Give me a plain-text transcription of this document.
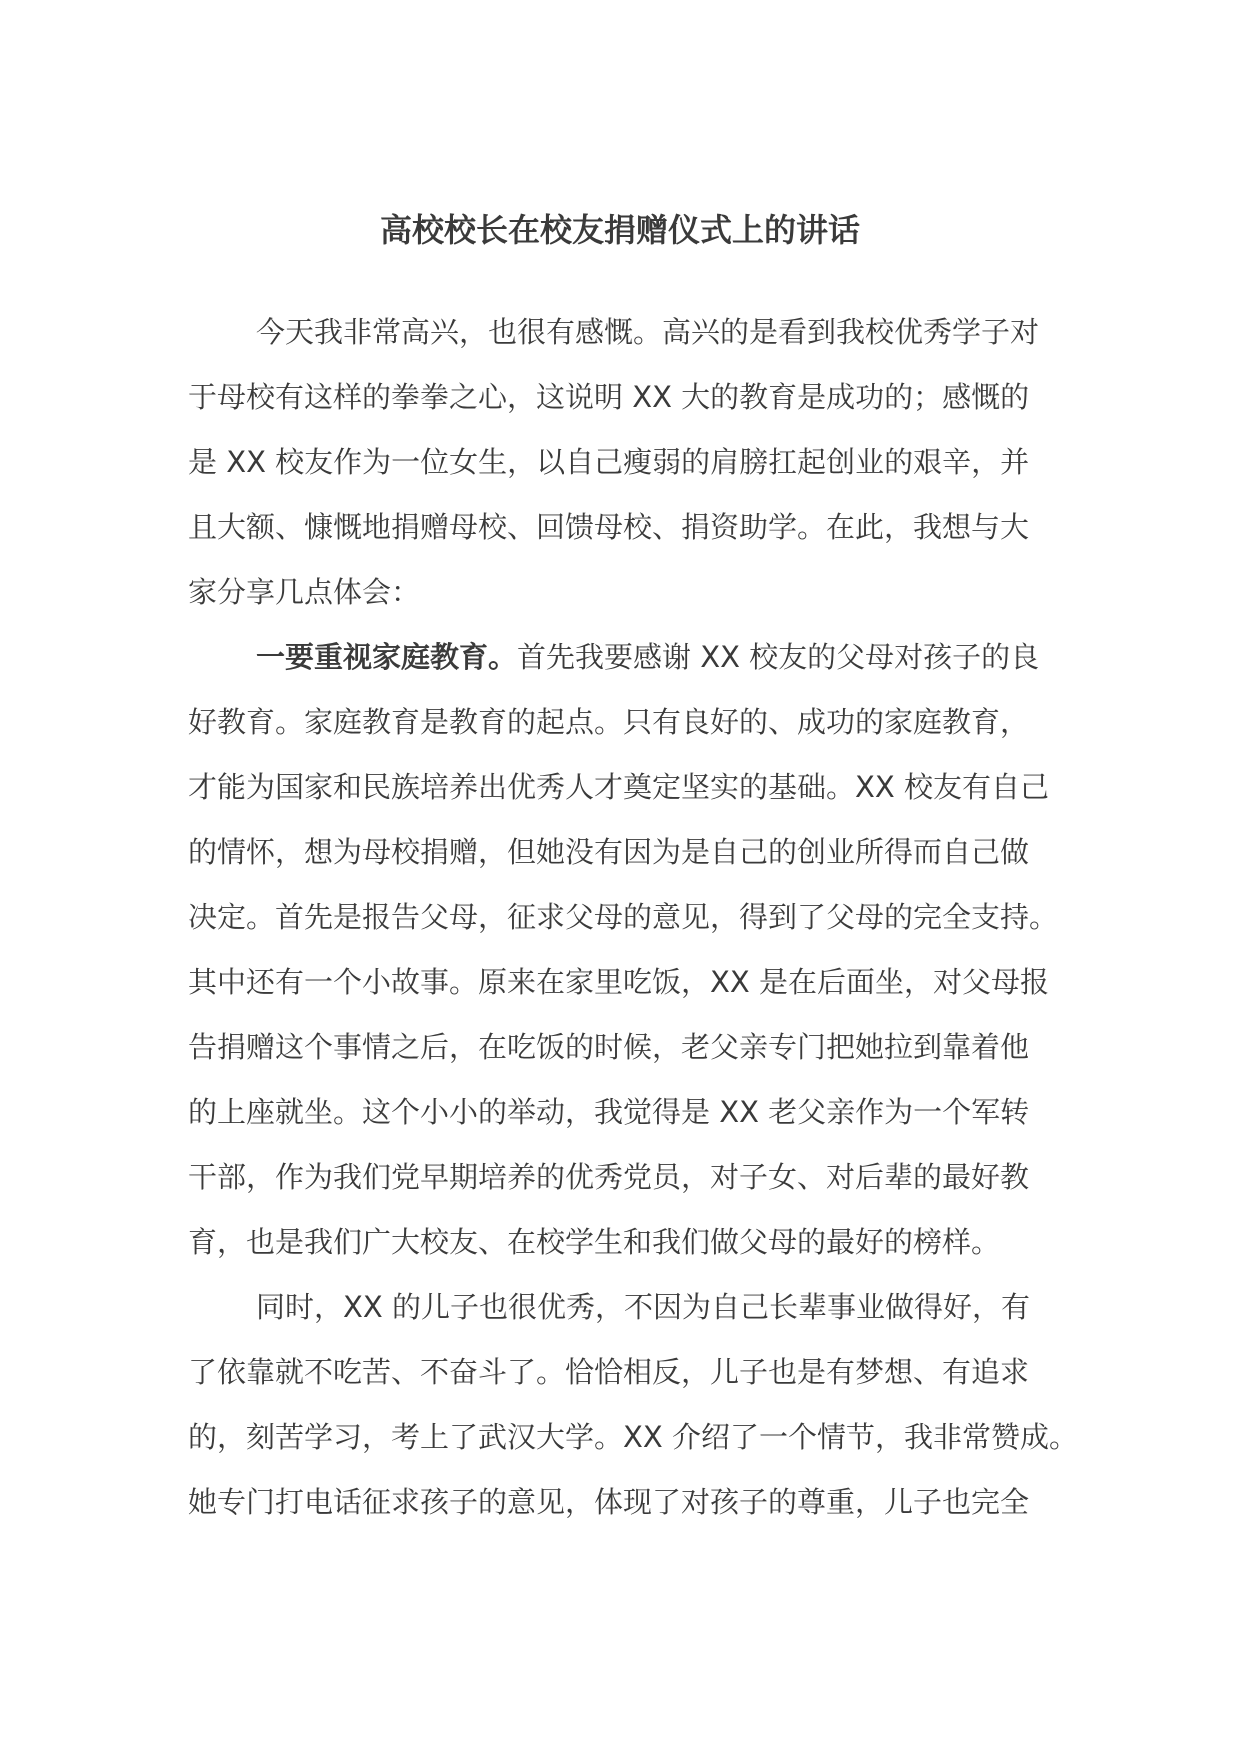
高校校长在校友捐赠仪式上的讲话
今天我非常高兴，也很有感慨。高兴的是看到我校优秀学子对
于母校有这样的拳拳之心，这说明 XX 大的教育是成功的；感慨的
是 XX 校友作为一位女生，以自己瘦弱的肩膀扛起创业的艰辛，并
且大额、慷慨地捐赠母校、回馈母校、捐资助学。在此，我想与大
家分享几点体会：
一要重视家庭教育。首先我要感谢 XX 校友的父母对孩子的良
好教育。家庭教育是教育的起点。只有良好的、成功的家庭教育，
才能为国家和民族培养出优秀人才奠定坚实的基础。XX 校友有自己
的情怀，想为母校捐赠，但她没有因为是自己的创业所得而自己做
决定。首先是报告父母，征求父母的意见，得到了父母的完全支持。
其中还有一个小故事。原来在家里吃饭，XX 是在后面坐，对父母报
告捐赠这个事情之后，在吃饭的时候，老父亲专门把她拉到靠着他
的上座就坐。这个小小的举动，我觉得是 XX 老父亲作为一个军转
干部，作为我们党早期培养的优秀党员，对子女、对后辈的最好教
育，也是我们广大校友、在校学生和我们做父母的最好的榜样。
同时，XX 的儿子也很优秀，不因为自己长辈事业做得好，有
了依靠就不吃苦、不奋斗了。恰恰相反，儿子也是有梦想、有追求
的，刻苦学习，考上了武汉大学。XX 介绍了一个情节，我非常赞成。
她专门打电话征求孩子的意见，体现了对孩子的尊重，儿子也完全
